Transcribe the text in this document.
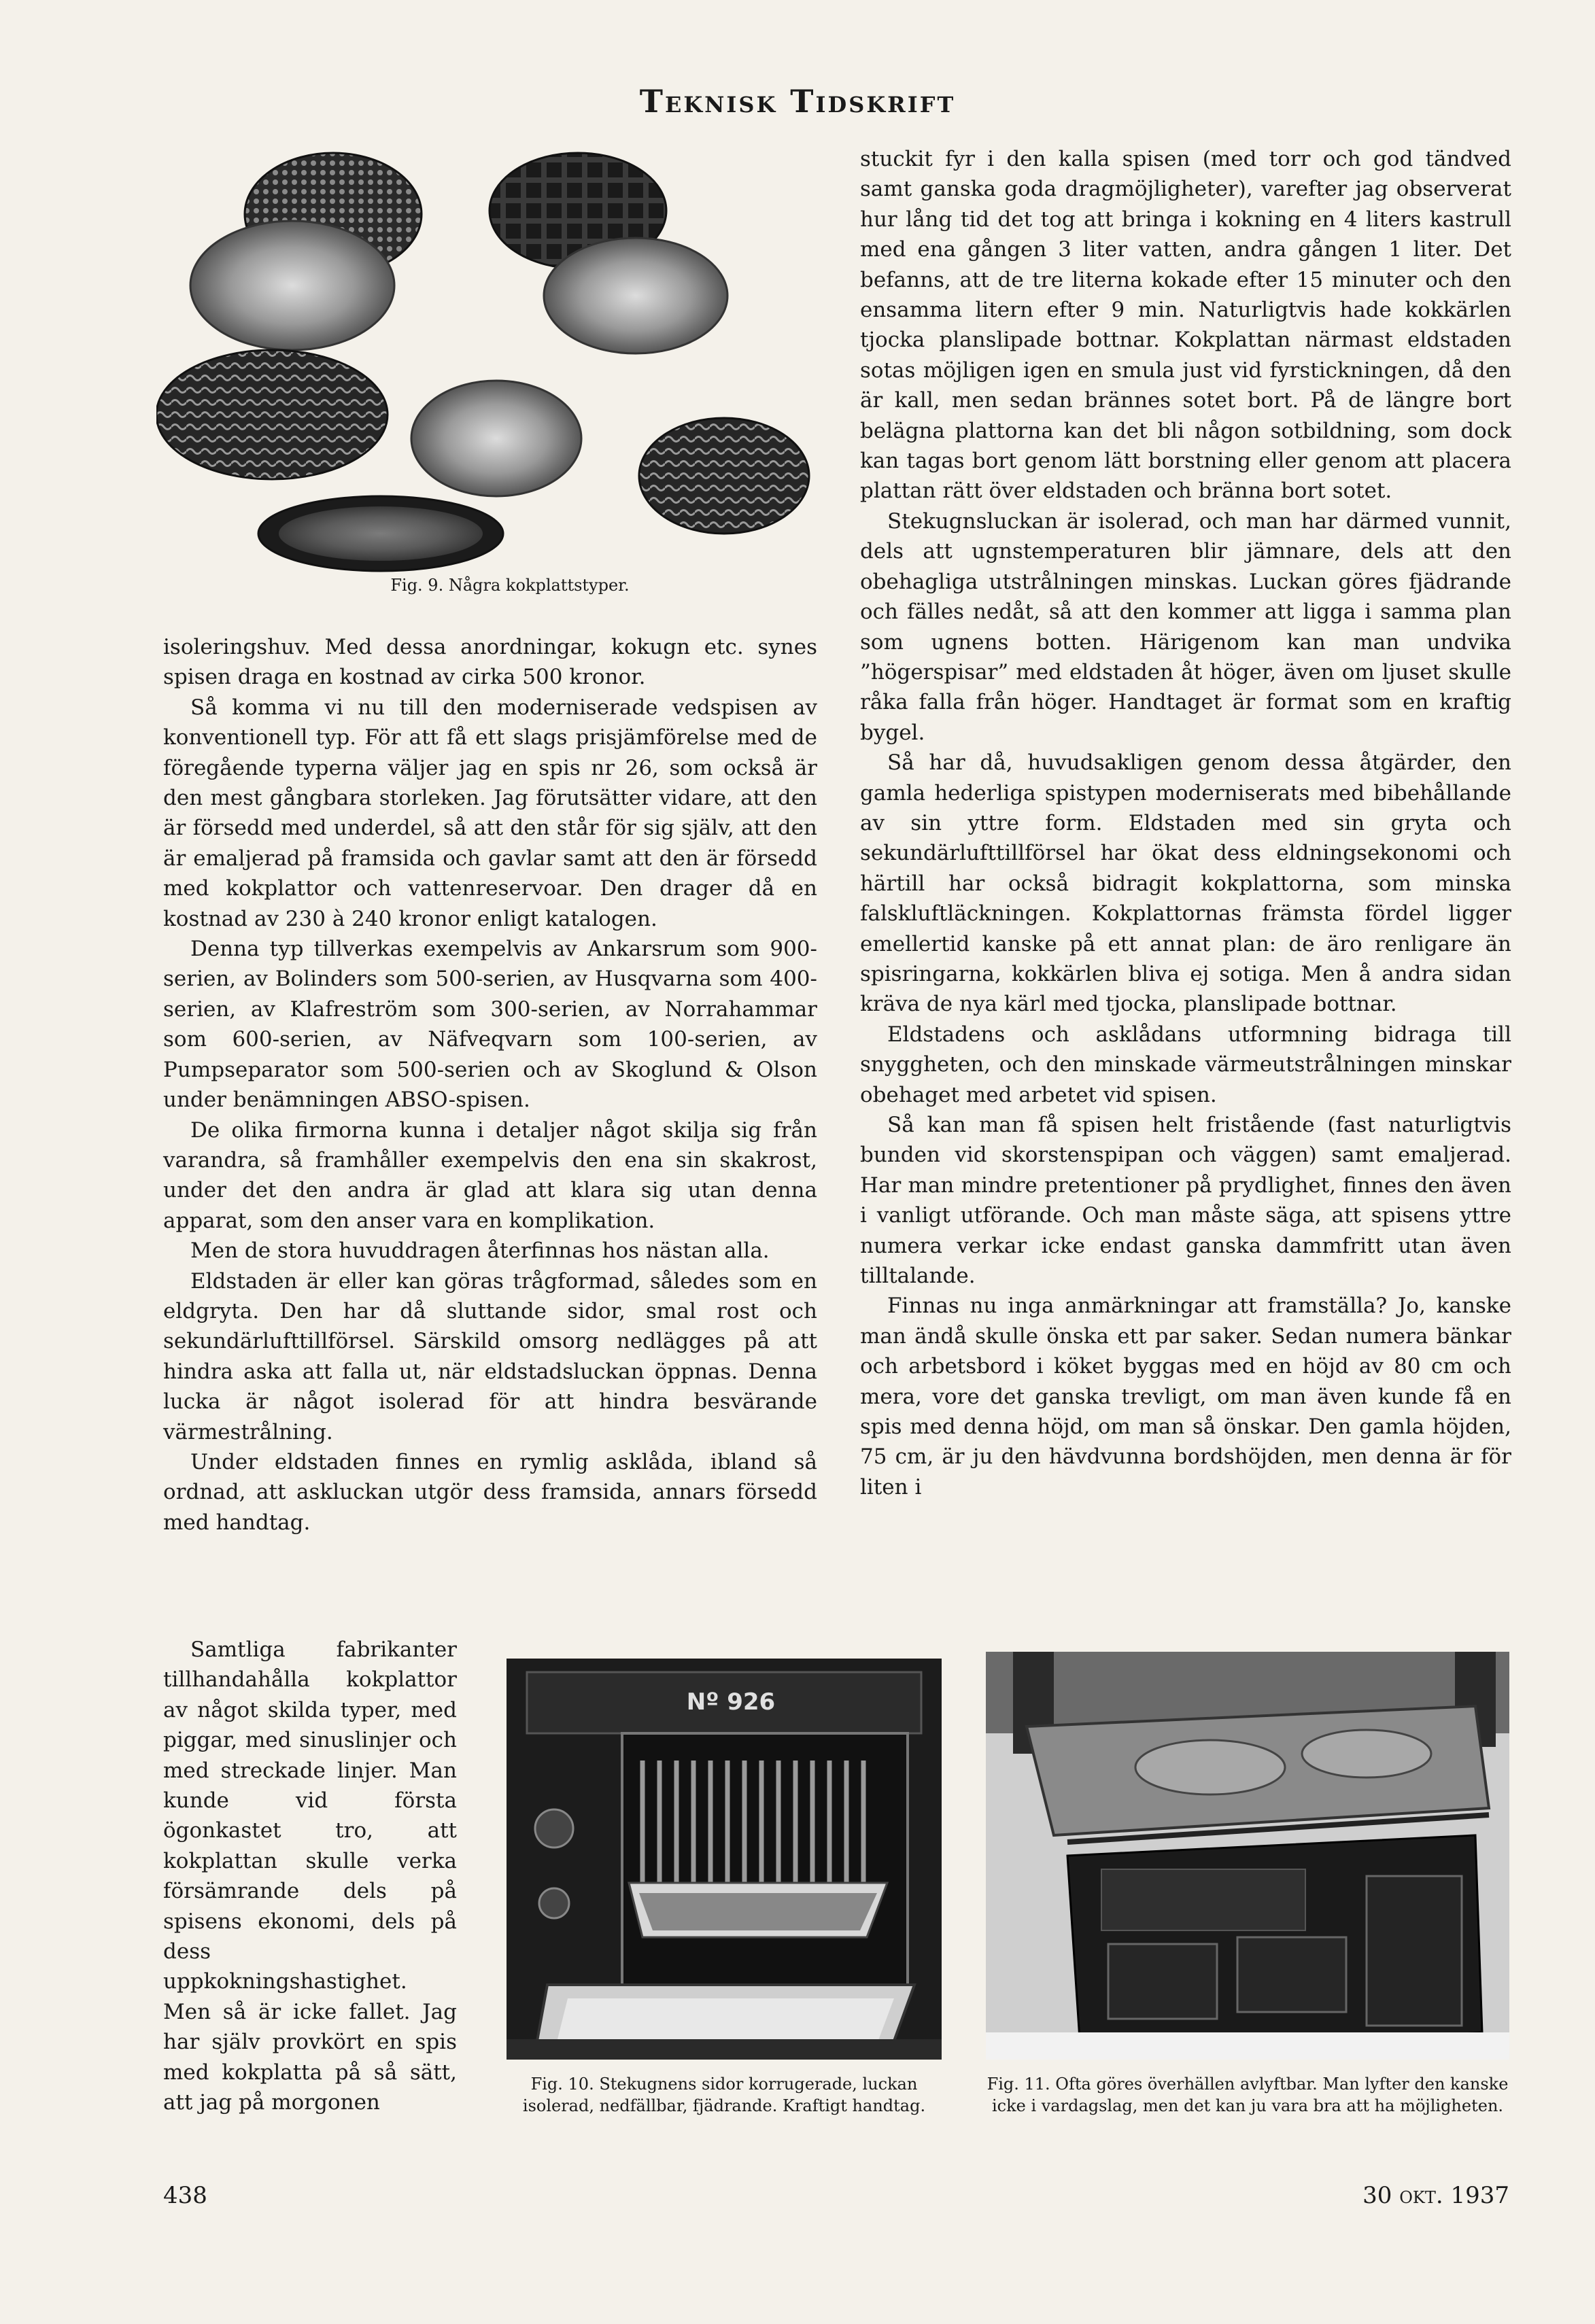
Teknisk Tidskrift
Fig. 9. Några kokplattstyper.

isoleringshuv. Med dessa anordningar, kokugn etc. synes spisen draga en kostnad av cirka 500 kronor.

Så komma vi nu till den moderniserade vedspisen av konventionell typ. För att få ett slags prisjämförelse med de föregående typerna väljer jag en spis nr 26, som också är den mest gångbara storleken. Jag förutsätter vidare, att den är försedd med underdel, så att den står för sig själv, att den är emaljerad på framsida och gavlar samt att den är försedd med kokplattor och vattenreservoar. Den drager då en kostnad av 230 à 240 kronor enligt katalogen.

Denna typ tillverkas exempelvis av Ankarsrum som 900-serien, av Bolinders som 500-serien, av Husqvarna som 400-serien, av Klafreström som 300-serien, av Norrahammar som 600-serien, av Näfveqvarn som 100-serien, av Pumpseparator som 500-serien och av Skoglund & Olson under benämningen ABSO-spisen.

De olika firmorna kunna i detaljer något skilja sig från varandra, så framhåller exempelvis den ena sin skakrost, under det den andra är glad att klara sig utan denna apparat, som den anser vara en komplikation.

Men de stora huvuddragen återfinnas hos nästan alla.

Eldstaden är eller kan göras trågformad, således som en eldgryta. Den har då sluttande sidor, smal rost och sekundärlufttillförsel. Särskild omsorg nedlägges på att hindra aska att falla ut, när eldstadsluckan öppnas. Denna lucka är något isolerad för att hindra besvärande värmestrålning.

Under eldstaden finnes en rymlig asklåda, ibland så ordnad, att askluckan utgör dess framsida, annars försedd med handtag.

Samtliga fabrikanter tillhandahålla kokplattor av något skilda typer, med piggar, med sinuslinjer och med streckade linjer. Man kunde vid första ögonkastet tro, att kokplattan skulle verka försämrande dels på spisens ekonomi, dels på dess uppkokningshastighet. Men så är icke fallet. Jag har själv provkört en spis med kokplatta på så sätt, att jag på morgonen

stuckit fyr i den kalla spisen (med torr och god tändved samt ganska goda dragmöjligheter), varefter jag observerat hur lång tid det tog att bringa i kokning en 4 liters kastrull med ena gången 3 liter vatten, andra gången 1 liter. Det befanns, att de tre literna kokade efter 15 minuter och den ensamma litern efter 9 min. Naturligtvis hade kokkärlen tjocka planslipade bottnar. Kokplattan närmast eldstaden sotas möjligen igen en smula just vid fyrstickningen, då den är kall, men sedan brännes sotet bort. På de längre bort belägna plattorna kan det bli någon sotbildning, som dock kan tagas bort genom lätt borstning eller genom att placera plattan rätt över eldstaden och bränna bort sotet.

Stekugnsluckan är isolerad, och man har därmed vunnit, dels att ugnstemperaturen blir jämnare, dels att den obehagliga utstrålningen minskas. Luckan göres fjädrande och fälles nedåt, så att den kommer att ligga i samma plan som ugnens botten. Härigenom kan man undvika ”högerspisar” med eldstaden åt höger, även om ljuset skulle råka falla från höger. Handtaget är format som en kraftig bygel.

Så har då, huvudsakligen genom dessa åtgärder, den gamla hederliga spistypen moderniserats med bibehållande av sin yttre form. Eldstaden med sin gryta och sekundärlufttillförsel har ökat dess eldningsekonomi och härtill har också bidragit kokplattorna, som minska falskluftläckningen. Kokplattornas främsta fördel ligger emellertid kanske på ett annat plan: de äro renligare än spisringarna, kokkärlen bliva ej sotiga. Men å andra sidan kräva de nya kärl med tjocka, planslipade bottnar.

Eldstadens och asklådans utformning bidraga till snyggheten, och den minskade värmeutstrålningen minskar obehaget med arbetet vid spisen.

Så kan man få spisen helt fristående (fast naturligtvis bunden vid skorstenspipan och väggen) samt emaljerad. Har man mindre pretentioner på prydlighet, finnes den även i vanligt utförande. Och man måste säga, att spisens yttre numera verkar icke endast ganska dammfritt utan även tilltalande.

Finnas nu inga anmärkningar att framställa? Jo, kanske man ändå skulle önska ett par saker. Sedan numera bänkar och arbetsbord i köket byggas med en höjd av 80 cm och mera, vore det ganska trevligt, om man även kunde få en spis med denna höjd, om man så önskar. Den gamla höjden, 75 cm, är ju den hävdvunna bordshöjden, men denna är för liten i

Nº 926
Fig. 10. Stekugnens sidor korrugerade, luckan isolerad, nedfällbar, fjädrande. Kraftigt handtag.
Fig. 11. Ofta göres överhällen avlyftbar. Man lyfter den kanske icke i vardagslag, men det kan ju vara bra att ha möjligheten.
438	30 okt. 1937
